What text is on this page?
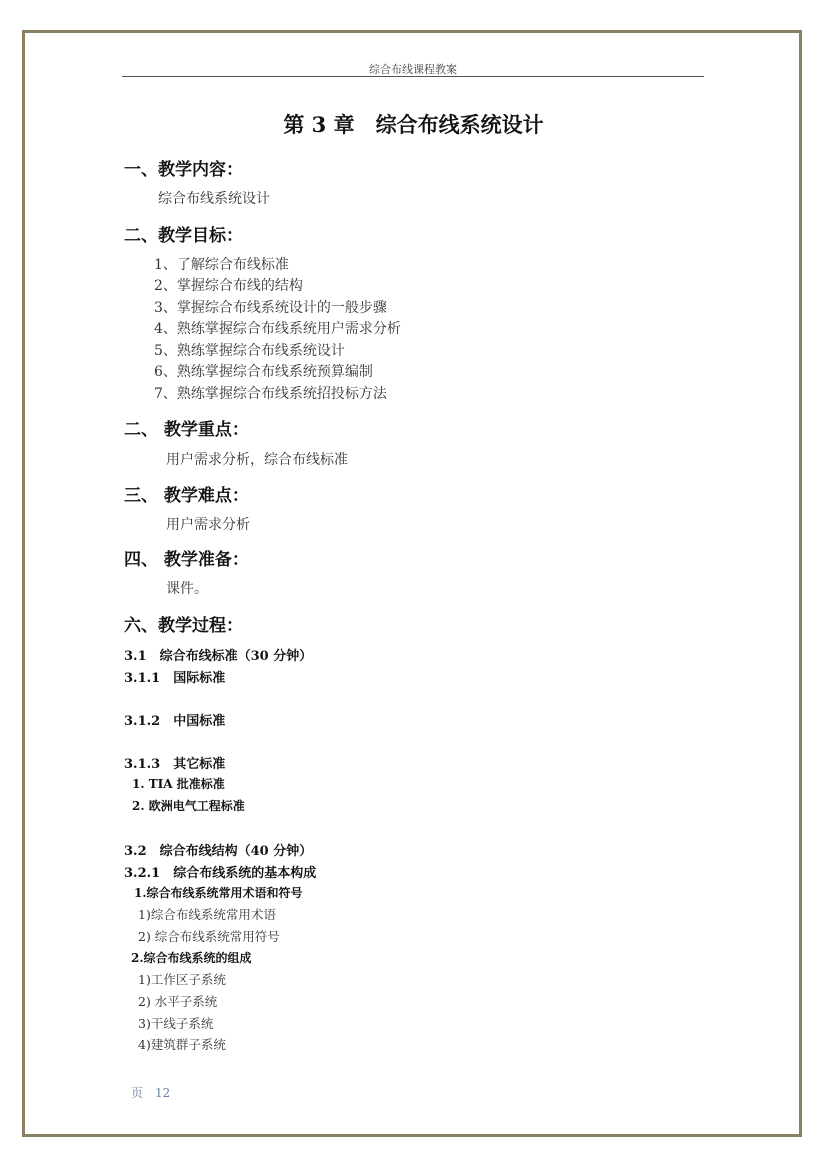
综合布线课程教案
第 3 章　综合布线系统设计
一、教学内容：
综合布线系统设计
二、教学目标：
1、了解综合布线标准
2、掌握综合布线的结构
3、掌握综合布线系统设计的一般步骤
4、熟练掌握综合布线系统用户需求分析
5、熟练掌握综合布线系统设计
6、熟练掌握综合布线系统预算编制
7、熟练掌握综合布线系统招投标方法
二、 教学重点：
用户需求分析，综合布线标准
三、 教学难点：
用户需求分析
四、 教学准备：
课件。
六、教学过程：
3.1　综合布线标准（30 分钟）
3.1.1　国际标准
3.1.2　中国标准
3.1.3　其它标准
1. TIA 批准标准
2. 欧洲电气工程标准
3.2　综合布线结构（40 分钟）
3.2.1　综合布线系统的基本构成
1.综合布线系统常用术语和符号
1)综合布线系统常用术语
2) 综合布线系统常用符号
2.综合布线系统的组成
1)工作区子系统
2) 水平子系统
3)干线子系统
4)建筑群子系统
页　12
